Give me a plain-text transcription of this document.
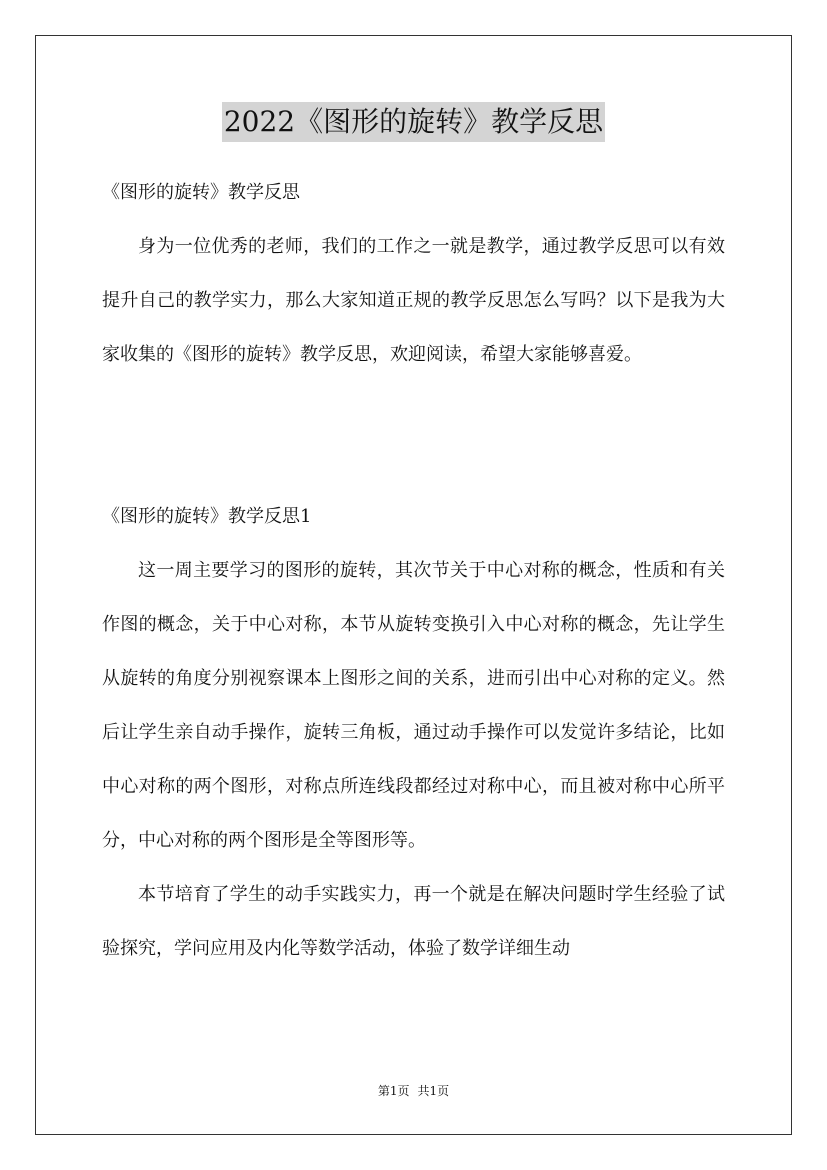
2022《图形的旋转》教学反思

《图形的旋转》教学反思

身为一位优秀的老师，我们的工作之一就是教学，通过教学反思可以有效提升自己的教学实力，那么大家知道正规的教学反思怎么写吗？以下是我为大家收集的《图形的旋转》教学反思，欢迎阅读，希望大家能够喜爱。

《图形的旋转》教学反思1

这一周主要学习的图形的旋转，其次节关于中心对称的概念，性质和有关作图的概念，关于中心对称，本节从旋转变换引入中心对称的概念，先让学生从旋转的角度分别视察课本上图形之间的关系，进而引出中心对称的定义。然后让学生亲自动手操作，旋转三角板，通过动手操作可以发觉许多结论，比如中心对称的两个图形，对称点所连线段都经过对称中心，而且被对称中心所平分，中心对称的两个图形是全等图形等。

本节培育了学生的动手实践实力，再一个就是在解决问题时学生经验了试验探究，学问应用及内化等数学活动，体验了数学详细生动

第1页 共1页
